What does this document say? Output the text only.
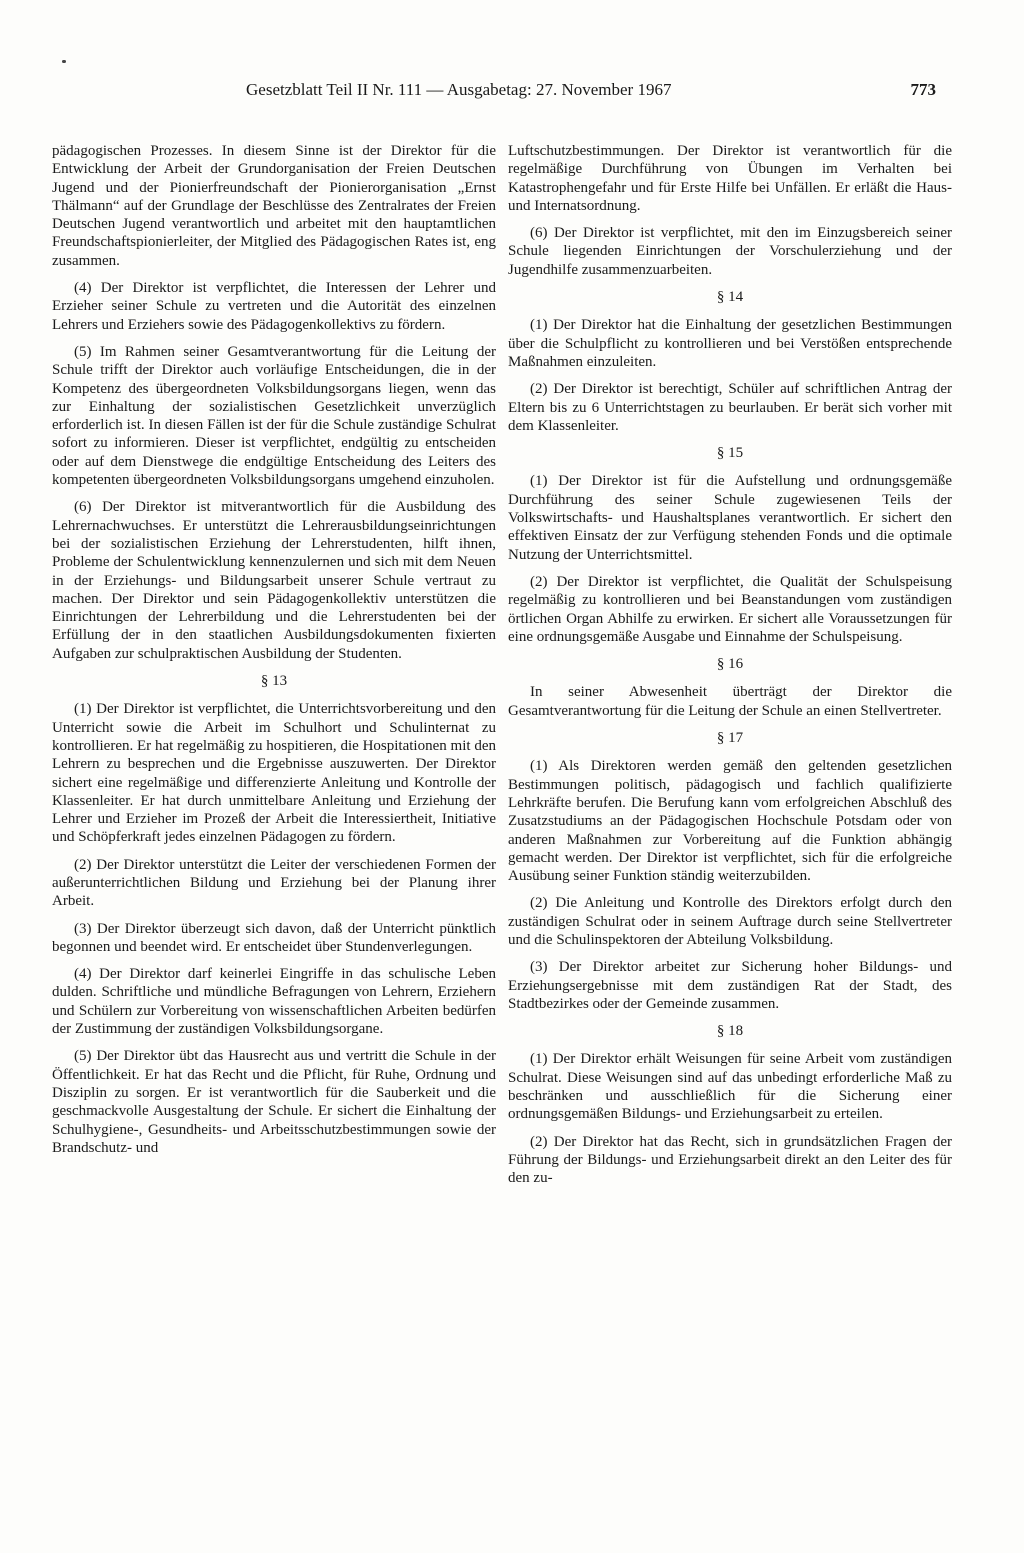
Gesetzblatt Teil II Nr. 111 — Ausgabetag: 27. November 1967	773

pädagogischen Prozesses. In diesem Sinne ist der Direktor für die Entwicklung der Arbeit der Grundorganisation der Freien Deutschen Jugend und der Pionierfreundschaft der Pionierorganisation „Ernst Thälmann“ auf der Grundlage der Beschlüsse des Zentralrates der Freien Deutschen Jugend verantwortlich und arbeitet mit den hauptamtlichen Freundschaftspionierleiter, der Mitglied des Pädagogischen Rates ist, eng zusammen.

(4) Der Direktor ist verpflichtet, die Interessen der Lehrer und Erzieher seiner Schule zu vertreten und die Autorität des einzelnen Lehrers und Erziehers sowie des Pädagogenkollektivs zu fördern.

(5) Im Rahmen seiner Gesamtverantwortung für die Leitung der Schule trifft der Direktor auch vorläufige Entscheidungen, die in der Kompetenz des übergeordneten Volksbildungsorgans liegen, wenn das zur Einhaltung der sozialistischen Gesetzlichkeit unverzüglich erforderlich ist. In diesen Fällen ist der für die Schule zuständige Schulrat sofort zu informieren. Dieser ist verpflichtet, endgültig zu entscheiden oder auf dem Dienstwege die endgültige Entscheidung des Leiters des kompetenten übergeordneten Volksbildungsorgans umgehend einzuholen.

(6) Der Direktor ist mitverantwortlich für die Ausbildung des Lehrernachwuchses. Er unterstützt die Lehrerausbildungseinrichtungen bei der sozialistischen Erziehung der Lehrerstudenten, hilft ihnen, Probleme der Schulentwicklung kennenzulernen und sich mit dem Neuen in der Erziehungs- und Bildungsarbeit unserer Schule vertraut zu machen. Der Direktor und sein Pädagogenkollektiv unterstützen die Einrichtungen der Lehrerbildung und die Lehrerstudenten bei der Erfüllung der in den staatlichen Ausbildungsdokumenten fixierten Aufgaben zur schulpraktischen Ausbildung der Studenten.

§ 13

(1) Der Direktor ist verpflichtet, die Unterrichtsvorbereitung und den Unterricht sowie die Arbeit im Schulhort und Schulinternat zu kontrollieren. Er hat regelmäßig zu hospitieren, die Hospitationen mit den Lehrern zu besprechen und die Ergebnisse auszuwerten. Der Direktor sichert eine regelmäßige und differenzierte Anleitung und Kontrolle der Klassenleiter. Er hat durch unmittelbare Anleitung und Erziehung der Lehrer und Erzieher im Prozeß der Arbeit die Interessiertheit, Initiative und Schöpferkraft jedes einzelnen Pädagogen zu fördern.

(2) Der Direktor unterstützt die Leiter der verschiedenen Formen der außerunterrichtlichen Bildung und Erziehung bei der Planung ihrer Arbeit.

(3) Der Direktor überzeugt sich davon, daß der Unterricht pünktlich begonnen und beendet wird. Er entscheidet über Stundenverlegungen.

(4) Der Direktor darf keinerlei Eingriffe in das schulische Leben dulden. Schriftliche und mündliche Befragungen von Lehrern, Erziehern und Schülern zur Vorbereitung von wissenschaftlichen Arbeiten bedürfen der Zustimmung der zuständigen Volksbildungsorgane.

(5) Der Direktor übt das Hausrecht aus und vertritt die Schule in der Öffentlichkeit. Er hat das Recht und die Pflicht, für Ruhe, Ordnung und Disziplin zu sorgen. Er ist verantwortlich für die Sauberkeit und die geschmackvolle Ausgestaltung der Schule. Er sichert die Einhaltung der Schulhygiene-, Gesundheits- und Arbeitsschutzbestimmungen sowie der Brandschutz- und

Luftschutzbestimmungen. Der Direktor ist verantwortlich für die regelmäßige Durchführung von Übungen im Verhalten bei Katastrophengefahr und für Erste Hilfe bei Unfällen. Er erläßt die Haus- und Internatsordnung.

(6) Der Direktor ist verpflichtet, mit den im Einzugsbereich seiner Schule liegenden Einrichtungen der Vorschulerziehung und der Jugendhilfe zusammenzuarbeiten.

§ 14

(1) Der Direktor hat die Einhaltung der gesetzlichen Bestimmungen über die Schulpflicht zu kontrollieren und bei Verstößen entsprechende Maßnahmen einzuleiten.

(2) Der Direktor ist berechtigt, Schüler auf schriftlichen Antrag der Eltern bis zu 6 Unterrichtstagen zu beurlauben. Er berät sich vorher mit dem Klassenleiter.

§ 15

(1) Der Direktor ist für die Aufstellung und ordnungsgemäße Durchführung des seiner Schule zugewiesenen Teils der Volkswirtschafts- und Haushaltsplanes verantwortlich. Er sichert den effektiven Einsatz der zur Verfügung stehenden Fonds und die optimale Nutzung der Unterrichtsmittel.

(2) Der Direktor ist verpflichtet, die Qualität der Schulspeisung regelmäßig zu kontrollieren und bei Beanstandungen vom zuständigen örtlichen Organ Abhilfe zu erwirken. Er sichert alle Voraussetzungen für eine ordnungsgemäße Ausgabe und Einnahme der Schulspeisung.

§ 16

In seiner Abwesenheit überträgt der Direktor die Gesamtverantwortung für die Leitung der Schule an einen Stellvertreter.

§ 17

(1) Als Direktoren werden gemäß den geltenden gesetzlichen Bestimmungen politisch, pädagogisch und fachlich qualifizierte Lehrkräfte berufen. Die Berufung kann vom erfolgreichen Abschluß des Zusatzstudiums an der Pädagogischen Hochschule Potsdam oder von anderen Maßnahmen zur Vorbereitung auf die Funktion abhängig gemacht werden. Der Direktor ist verpflichtet, sich für die erfolgreiche Ausübung seiner Funktion ständig weiterzubilden.

(2) Die Anleitung und Kontrolle des Direktors erfolgt durch den zuständigen Schulrat oder in seinem Auftrage durch seine Stellvertreter und die Schulinspektoren der Abteilung Volksbildung.

(3) Der Direktor arbeitet zur Sicherung hoher Bildungs- und Erziehungsergebnisse mit dem zuständigen Rat der Stadt, des Stadtbezirkes oder der Gemeinde zusammen.

§ 18

(1) Der Direktor erhält Weisungen für seine Arbeit vom zuständigen Schulrat. Diese Weisungen sind auf das unbedingt erforderliche Maß zu beschränken und ausschließlich für die Sicherung einer ordnungsgemäßen Bildungs- und Erziehungsarbeit zu erteilen.

(2) Der Direktor hat das Recht, sich in grundsätzlichen Fragen der Führung der Bildungs- und Erziehungsarbeit direkt an den Leiter des für den zu-
